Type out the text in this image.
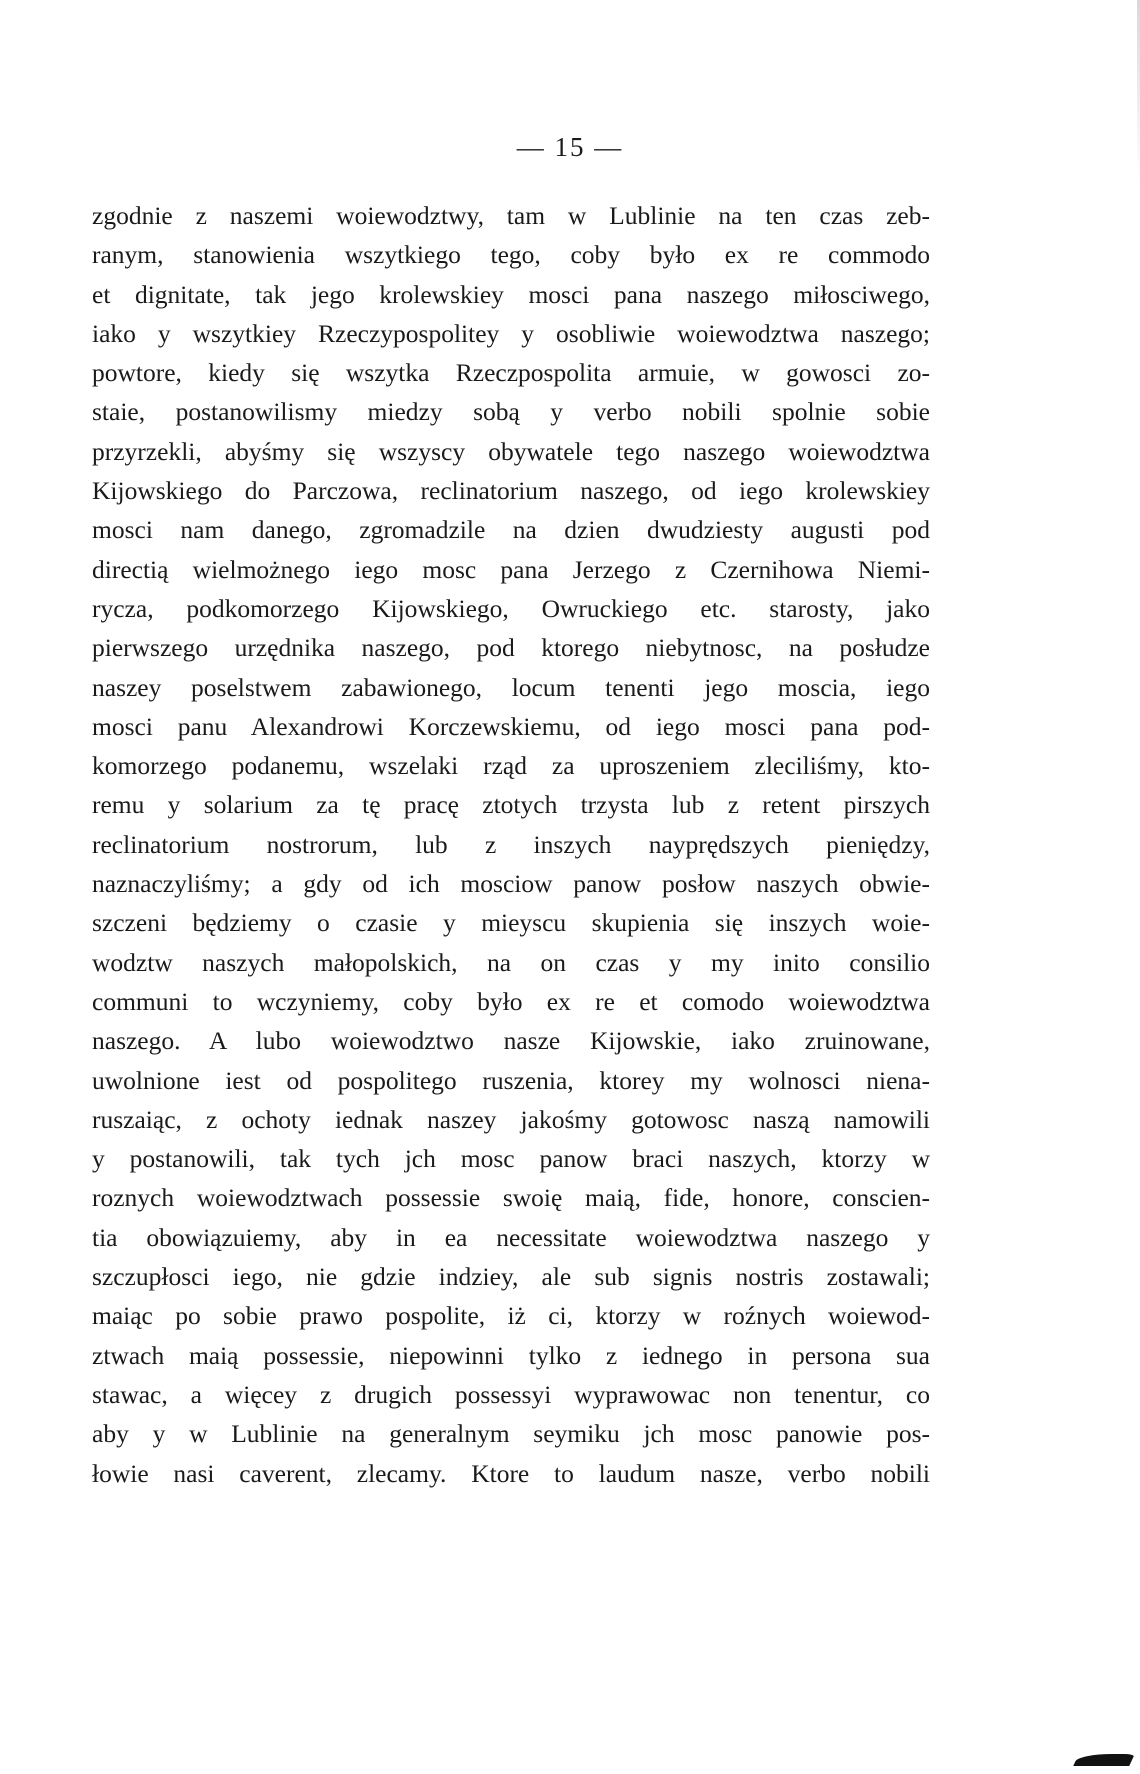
— 15 —
zgodnie z naszemi woiewodztwy, tam w Lublinie na ten czas zeb-
ranym, stanowienia wszytkiego tego, coby było ex re commodo
et dignitate, tak jego krolewskiey mosci pana naszego miłosciwego,
iako y wszytkiey Rzeczypospolitey y osobliwie woiewodztwa naszego;
powtore, kiedy się wszytka Rzeczpospolita armuie, w gowosci zo-
staie, postanowilismy miedzy sobą y verbo nobili spolnie sobie
przyrzekli, abyśmy się wszyscy obywatele tego naszego woiewodztwa
Kijowskiego do Parczowa, reclinatorium naszego, od iego krolewskiey
mosci nam danego, zgromadzile na dzien dwudziesty augusti pod
directią wielmożnego iego mosc pana Jerzego z Czernihowa Niemi-
rycza, podkomorzego Kijowskiego, Owruckiego etc. starosty, jako
pierwszego urzędnika naszego, pod ktorego niebytnosc, na posłudze
naszey poselstwem zabawionego, locum tenenti jego moscia, iego
mosci panu Alexandrowi Korczewskiemu, od iego mosci pana pod-
komorzego podanemu, wszelaki rząd za uproszeniem zleciliśmy, kto-
remu y solarium za tę pracę ztotych trzysta lub z retent pirszych
reclinatorium nostrorum, lub z inszych nayprędszych pieniędzy,
naznaczyliśmy; a gdy od ich mosciow panow posłow naszych obwie-
szczeni będziemy o czasie y mieyscu skupienia się inszych woie-
wodztw naszych małopolskich, na on czas y my inito consilio
communi to wczyniemy, coby było ex re et comodo woiewodztwa
naszego. A lubo woiewodztwo nasze Kijowskie, iako zruinowane,
uwolnione iest od pospolitego ruszenia, ktorey my wolnosci niena-
ruszaiąc, z ochoty iednak naszey jakośmy gotowosc naszą namowili
y postanowili, tak tych jch mosc panow braci naszych, ktorzy w
roznych woiewodztwach possessie swoię maią, fide, honore, conscien-
tia obowiązuiemy, aby in ea necessitate woiewodztwa naszego y
szczupłosci iego, nie gdzie indziey, ale sub signis nostris zostawali;
maiąc po sobie prawo pospolite, iż ci, ktorzy w roźnych woiewod-
ztwach maią possessie, niepowinni tylko z iednego in persona sua
stawac, a więcey z drugich possessyi wyprawowac non tenentur, co
aby y w Lublinie na generalnym seymiku jch mosc panowie pos-
łowie nasi caverent, zlecamy. Ktore to laudum nasze, verbo nobili
